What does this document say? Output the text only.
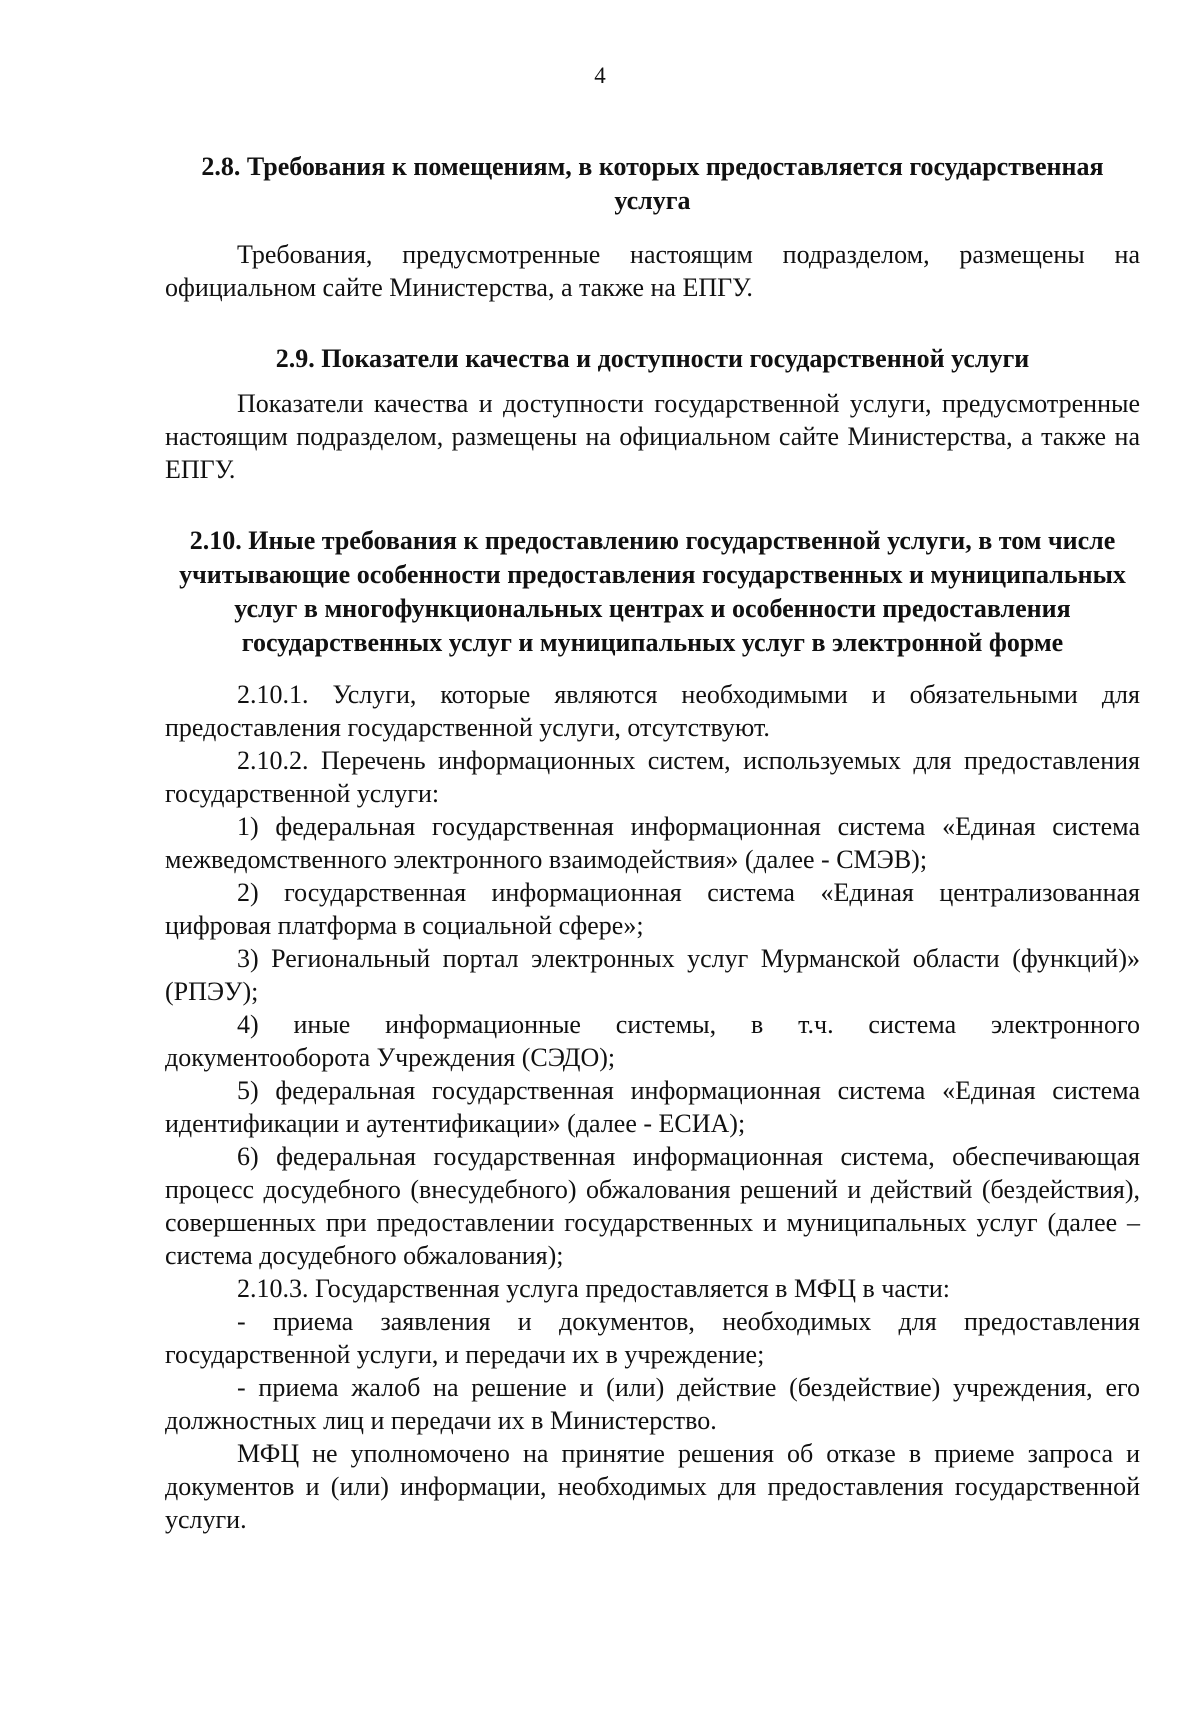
4
2.8. Требования к помещениям, в которых предоставляется государственная услуга
Требования, предусмотренные настоящим подразделом, размещены на официальном сайте Министерства, а также на ЕПГУ.
2.9. Показатели качества и доступности государственной услуги
Показатели качества и доступности государственной услуги, предусмотренные настоящим подразделом, размещены на официальном сайте Министерства, а также на ЕПГУ.
2.10. Иные требования к предоставлению государственной услуги, в том числе учитывающие особенности предоставления государственных и муниципальных услуг в многофункциональных центрах и особенности предоставления государственных услуг и муниципальных услуг в электронной форме
2.10.1. Услуги, которые являются необходимыми и обязательными для предоставления государственной услуги, отсутствуют.
2.10.2. Перечень информационных систем, используемых для предоставления государственной услуги:
1) федеральная государственная информационная система «Единая система межведомственного электронного взаимодействия» (далее - СМЭВ);
2) государственная информационная система «Единая централизованная цифровая платформа в социальной сфере»;
3) Региональный портал электронных услуг Мурманской области (функций)» (РПЭУ);
4) иные информационные системы, в т.ч. система электронного документооборота Учреждения (СЭДО);
5) федеральная государственная информационная система «Единая система идентификации и аутентификации» (далее - ЕСИА);
6) федеральная государственная информационная система, обеспечивающая процесс досудебного (внесудебного) обжалования решений и действий (бездействия), совершенных при предоставлении государственных и муниципальных услуг (далее – система досудебного обжалования);
2.10.3. Государственная услуга предоставляется в МФЦ в части:
- приема заявления и документов, необходимых для предоставления государственной услуги, и передачи их в учреждение;
- приема жалоб на решение и (или) действие (бездействие) учреждения, его должностных лиц и передачи их в Министерство.
МФЦ не уполномочено на принятие решения об отказе в приеме запроса и документов и (или) информации, необходимых для предоставления государственной услуги.
